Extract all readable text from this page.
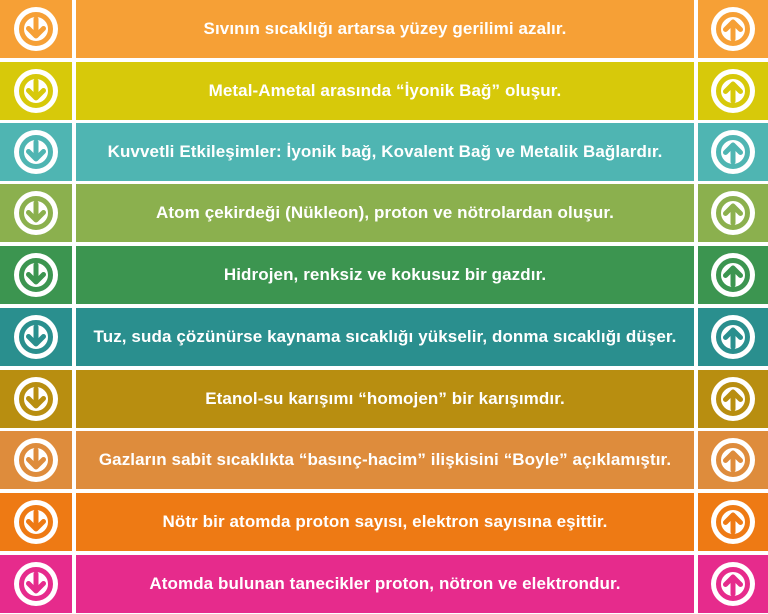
Sıvının sıcaklığı artarsa yüzey gerilimi azalır.
Metal-Ametal arasında “İyonik Bağ” oluşur.
Kuvvetli Etkileşimler: İyonik bağ, Kovalent Bağ ve Metalik Bağlardır.
Atom çekirdeği (Nükleon), proton ve nötrolardan oluşur.
Hidrojen, renksiz ve kokusuz bir gazdır.
Tuz, suda çözünürse kaynama sıcaklığı yükselir, donma sıcaklığı düşer.
Etanol-su karışımı “homojen” bir karışımdır.
Gazların sabit sıcaklıkta “basınç-hacim” ilişkisini “Boyle” açıklamıştır.
Nötr bir atomda proton sayısı, elektron sayısına eşittir.
Atomda bulunan tanecikler proton, nötron ve elektrondur.
